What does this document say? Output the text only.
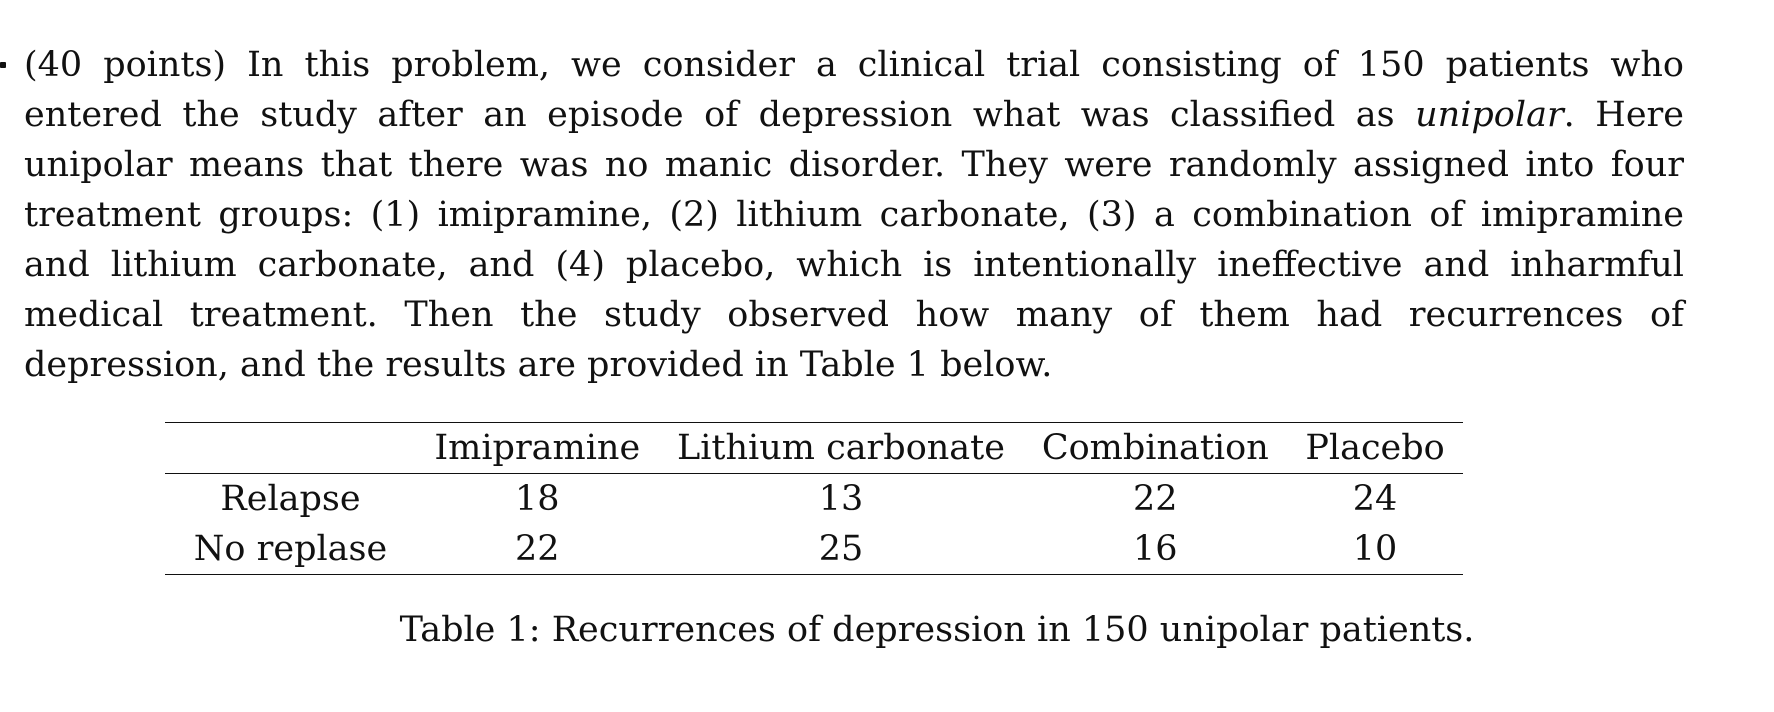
(40 points) In this problem, we consider a clinical trial consisting of 150 patients who entered the study after an episode of depression what was classified as unipolar. Here unipolar means that there was no manic disorder. They were randomly assigned into four treatment groups: (1) imipramine, (2) lithium carbonate, (3) a combination of imipramine and lithium carbonate, and (4) placebo, which is intentionally ineffective and inharmful medical treatment. Then the study observed how many of them had recurrences of depression, and the results are provided in Table 1 below.

	Imipramine	Lithium carbonate	Combination	Placebo
Relapse	18	13	22	24
No replase	22	25	16	10

Table 1: Recurrences of depression in 150 unipolar patients.
